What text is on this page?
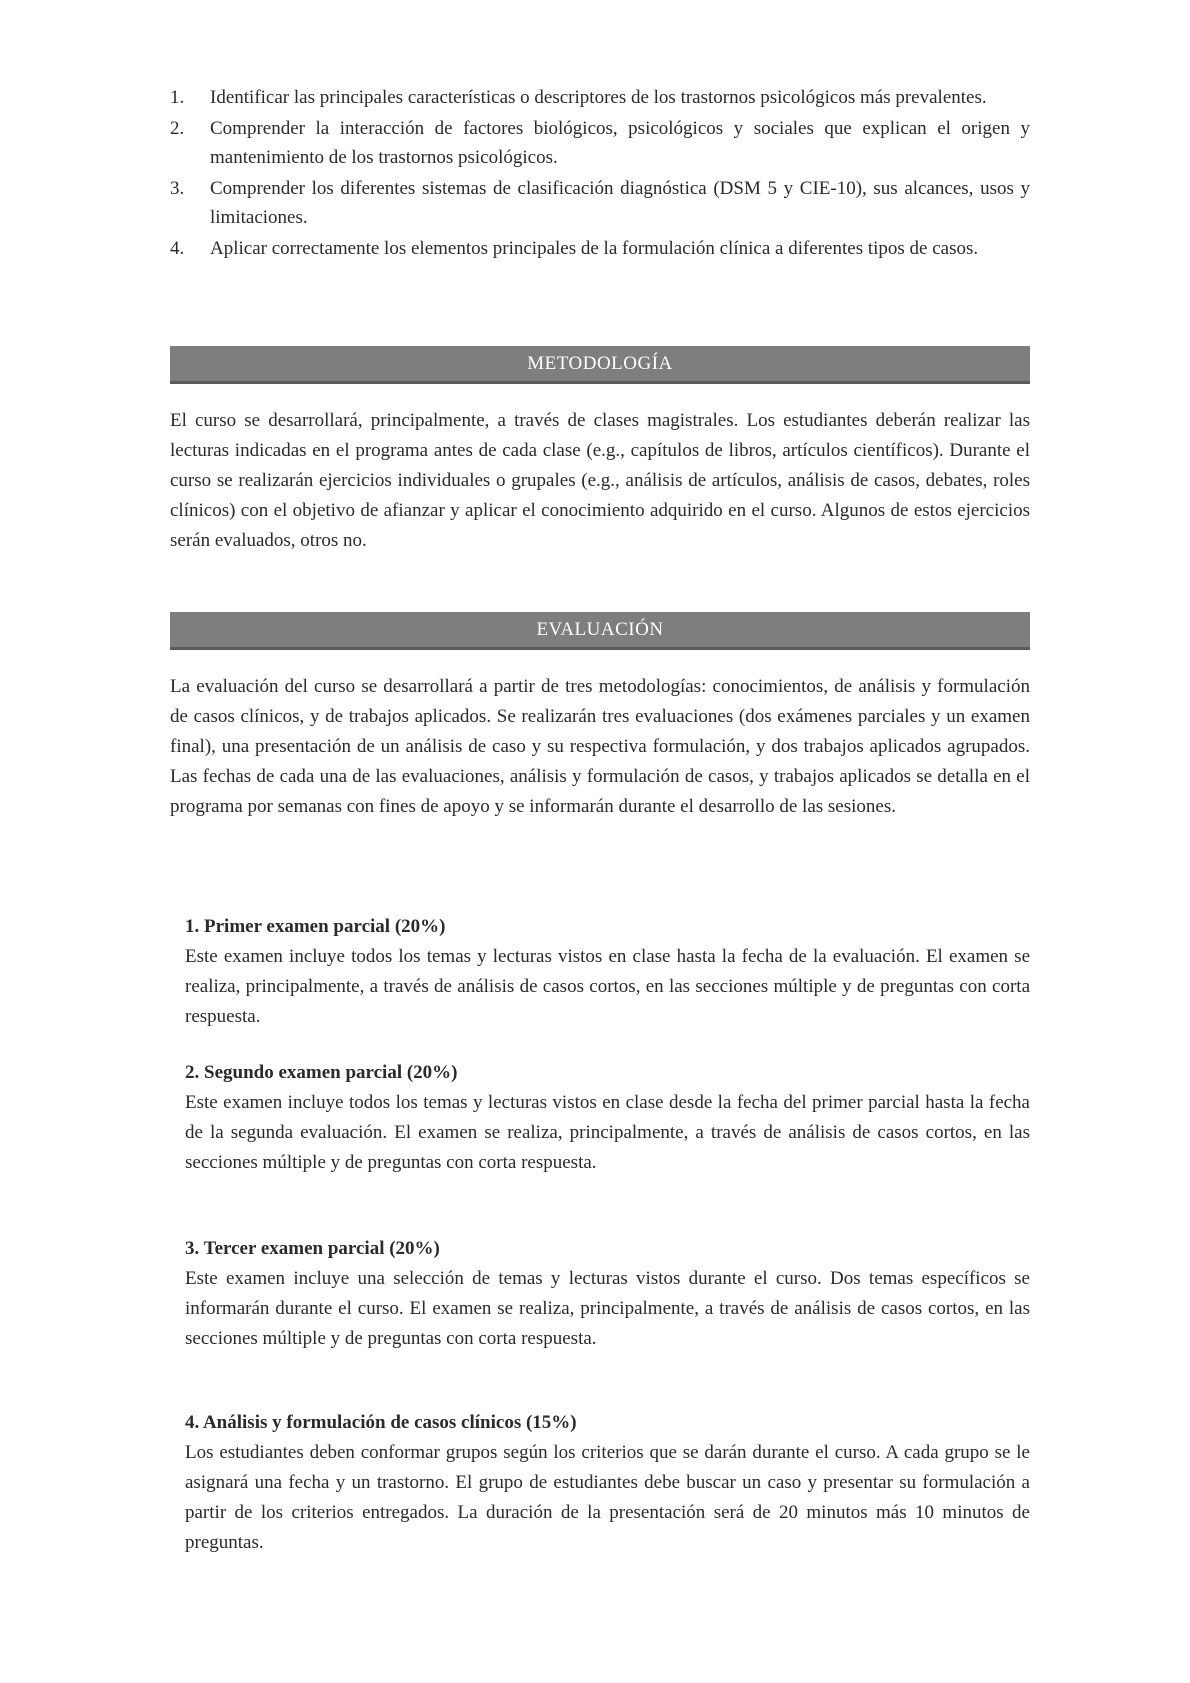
1. Identificar las principales características o descriptores de los trastornos psicológicos más prevalentes.
2. Comprender la interacción de factores biológicos, psicológicos y sociales que explican el origen y mantenimiento de los trastornos psicológicos.
3. Comprender los diferentes sistemas de clasificación diagnóstica (DSM 5 y CIE-10), sus alcances, usos y limitaciones.
4. Aplicar correctamente los elementos principales de la formulación clínica a diferentes tipos de casos.
METODOLOGÍA

El curso se desarrollará, principalmente, a través de clases magistrales. Los estudiantes deberán realizar las lecturas indicadas en el programa antes de cada clase (e.g., capítulos de libros, artículos científicos). Durante el curso se realizarán ejercicios individuales o grupales (e.g., análisis de artículos, análisis de casos, debates, roles clínicos) con el objetivo de afianzar y aplicar el conocimiento adquirido en el curso. Algunos de estos ejercicios serán evaluados, otros no.

EVALUACIÓN

La evaluación del curso se desarrollará a partir de tres metodologías: conocimientos, de análisis y formulación de casos clínicos, y de trabajos aplicados. Se realizarán tres evaluaciones (dos exámenes parciales y un examen final), una presentación de un análisis de caso y su respectiva formulación, y dos trabajos aplicados agrupados. Las fechas de cada una de las evaluaciones, análisis y formulación de casos, y trabajos aplicados se detalla en el programa por semanas con fines de apoyo y se informarán durante el desarrollo de las sesiones.

1. Primer examen parcial (20%)

Este examen incluye todos los temas y lecturas vistos en clase hasta la fecha de la evaluación. El examen se realiza, principalmente, a través de análisis de casos cortos, en las secciones múltiple y de preguntas con corta respuesta.

2. Segundo examen parcial (20%)

Este examen incluye todos los temas y lecturas vistos en clase desde la fecha del primer parcial hasta la fecha de la segunda evaluación. El examen se realiza, principalmente, a través de análisis de casos cortos, en las secciones múltiple y de preguntas con corta respuesta.

3. Tercer examen parcial (20%)

Este examen incluye una selección de temas y lecturas vistos durante el curso. Dos temas específicos se informarán durante el curso. El examen se realiza, principalmente, a través de análisis de casos cortos, en las secciones múltiple y de preguntas con corta respuesta.

4. Análisis y formulación de casos clínicos (15%)

Los estudiantes deben conformar grupos según los criterios que se darán durante el curso. A cada grupo se le asignará una fecha y un trastorno. El grupo de estudiantes debe buscar un caso y presentar su formulación a partir de los criterios entregados. La duración de la presentación será de 20 minutos más 10 minutos de preguntas.
